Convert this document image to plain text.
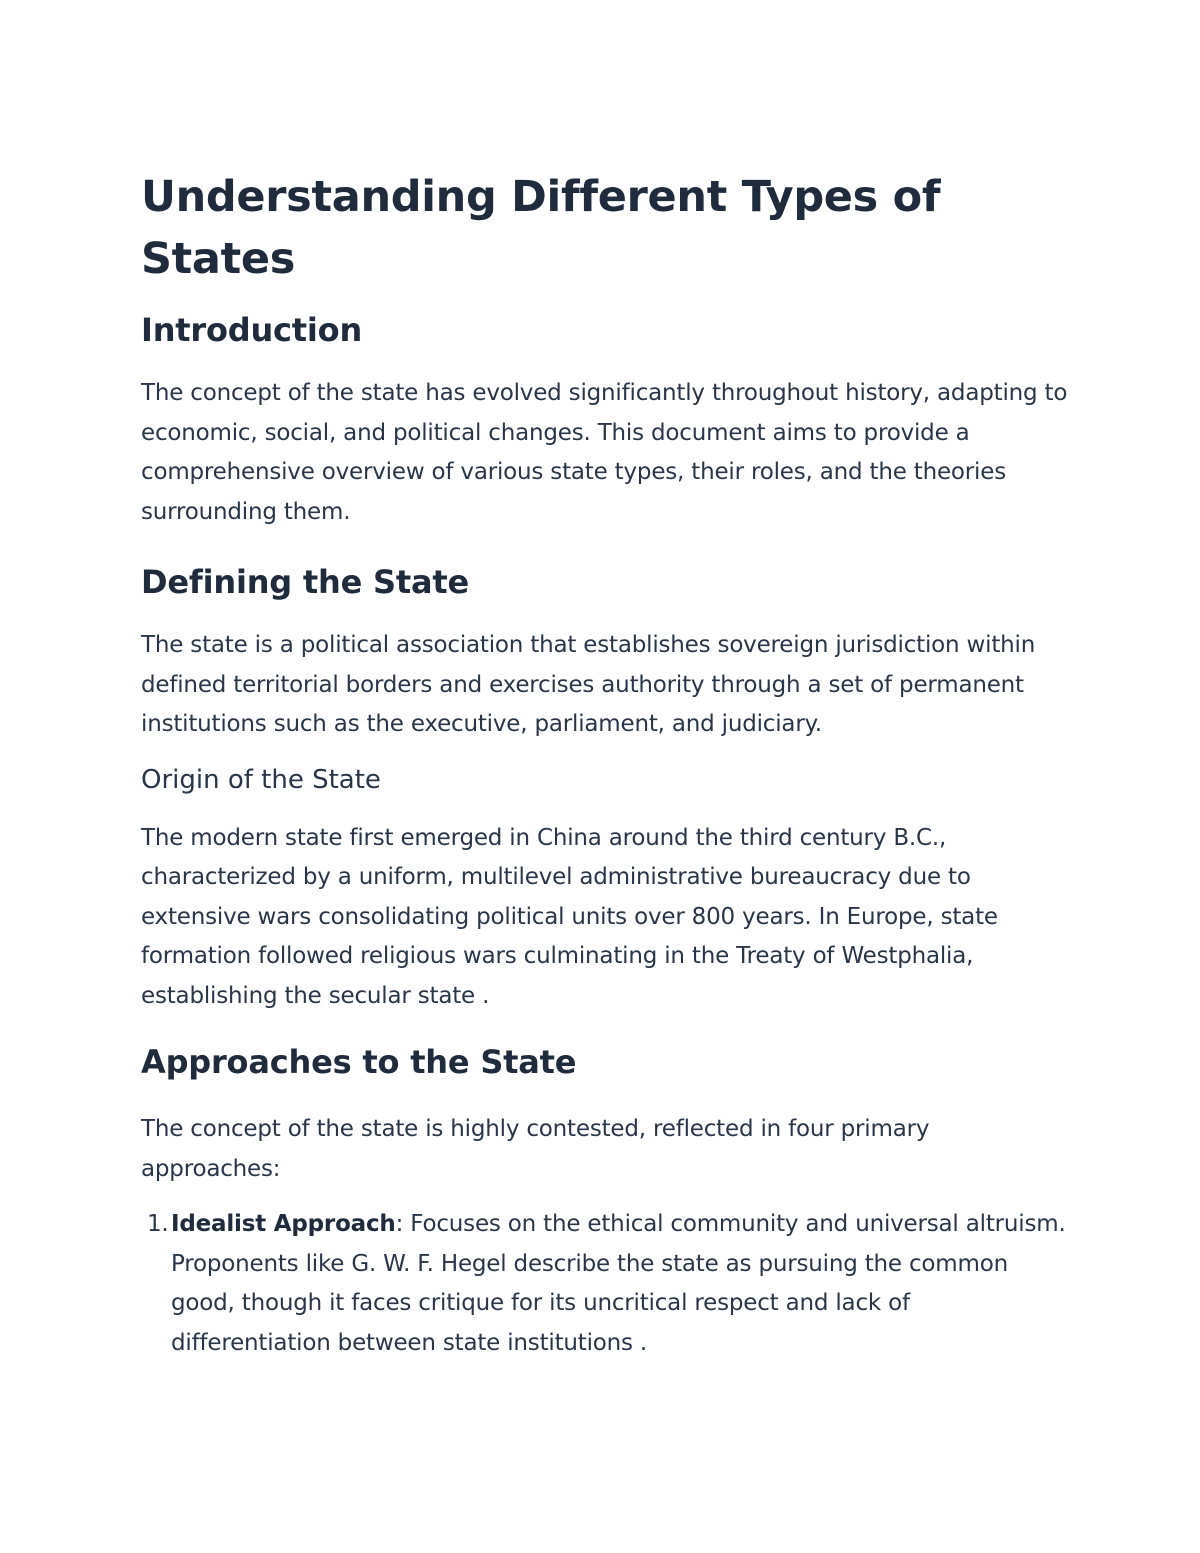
Understanding Different Types of States
Introduction

The concept of the state has evolved significantly throughout history, adapting to economic, social, and political changes. This document aims to provide a comprehensive overview of various state types, their roles, and the theories surrounding them.

Defining the State

The state is a political association that establishes sovereign jurisdiction within defined territorial borders and exercises authority through a set of permanent institutions such as the executive, parliament, and judiciary.

Origin of the State

The modern state first emerged in China around the third century B.C., characterized by a uniform, multilevel administrative bureaucracy due to extensive wars consolidating political units over 800 years. In Europe, state formation followed religious wars culminating in the Treaty of Westphalia, establishing the secular state .

Approaches to the State

The concept of the state is highly contested, reflected in four primary approaches:

1. Idealist Approach: Focuses on the ethical community and universal altruism. Proponents like G. W. F. Hegel describe the state as pursuing the common good, though it faces critique for its uncritical respect and lack of differentiation between state institutions .
